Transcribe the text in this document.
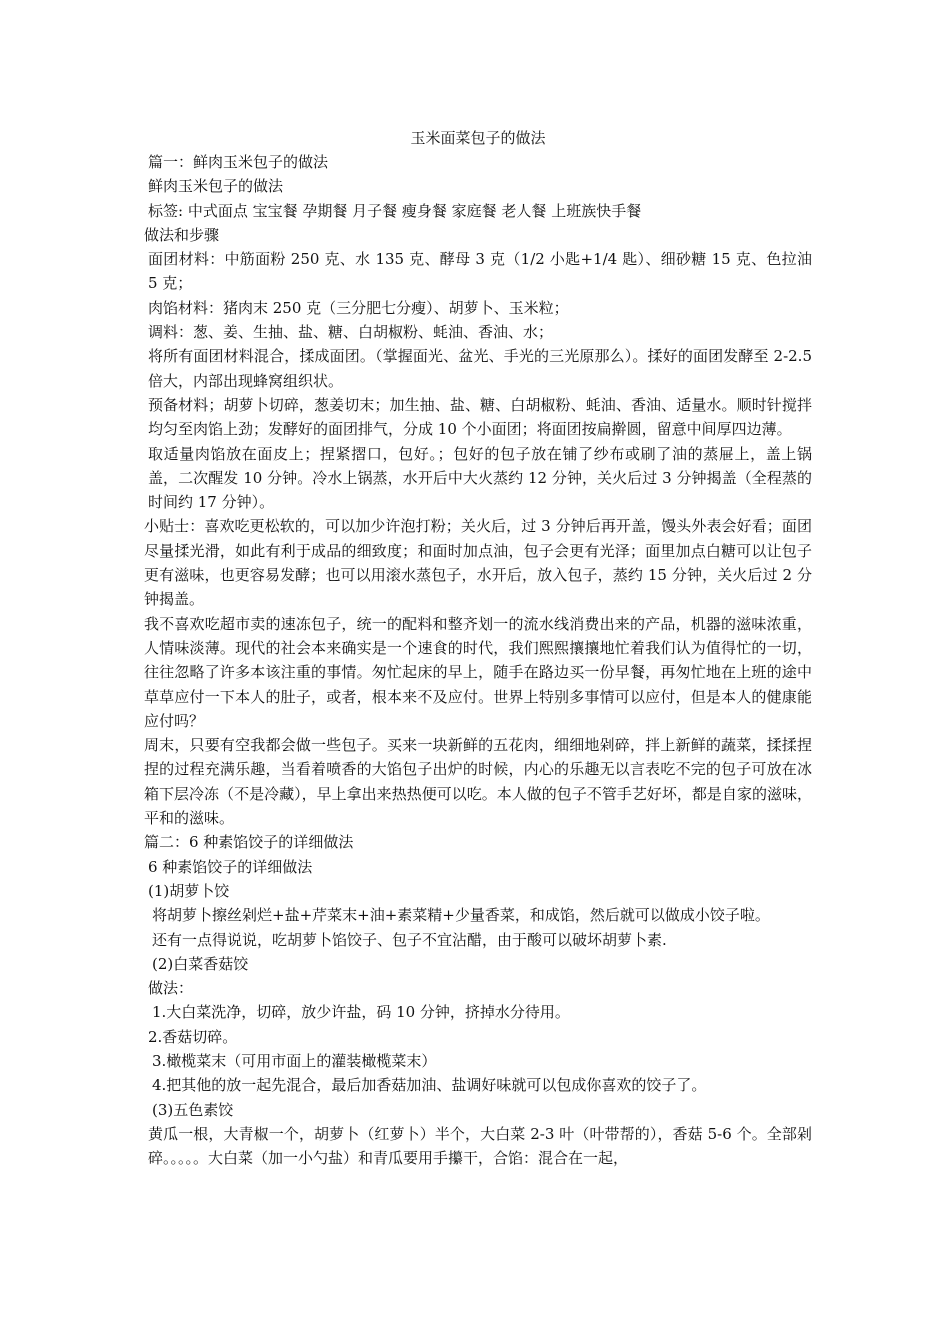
玉米面菜包子的做法

篇一：鲜肉玉米包子的做法

鲜肉玉米包子的做法

标签: 中式面点 宝宝餐 孕期餐 月子餐 瘦身餐 家庭餐 老人餐 上班族快手餐

做法和步骤

面团材料：中筋面粉 250 克、水 135 克、酵母 3 克（1/2 小匙+1/4 匙）、细砂糖 15 克、色拉油 5 克；

肉馅材料：猪肉末 250 克（三分肥七分瘦）、胡萝卜、玉米粒；

调料：葱、姜、生抽、盐、糖、白胡椒粉、蚝油、香油、水；

将所有面团材料混合，揉成面团。（掌握面光、盆光、手光的三光原那么）。揉好的面团发酵至 2-2.5 倍大，内部出现蜂窝组织状。

预备材料；胡萝卜切碎，葱姜切末；加生抽、盐、糖、白胡椒粉、蚝油、香油、适量水。顺时针搅拌均匀至肉馅上劲；发酵好的面团排气，分成 10 个小面团；将面团按扁擀圆，留意中间厚四边薄。

取适量肉馅放在面皮上；捏紧摺口，包好。；包好的包子放在铺了纱布或刷了油的蒸屉上，盖上锅盖，二次醒发 10 分钟。冷水上锅蒸，水开后中大火蒸约 12 分钟，关火后过 3 分钟揭盖（全程蒸的时间约 17 分钟）。

小贴士：喜欢吃更松软的，可以加少许泡打粉；关火后，过 3 分钟后再开盖，馒头外表会好看；面团尽量揉光滑，如此有利于成品的细致度；和面时加点油，包子会更有光泽；面里加点白糖可以让包子更有滋味，也更容易发酵；也可以用滚水蒸包子，水开后，放入包子，蒸约 15 分钟，关火后过 2 分钟揭盖。

我不喜欢吃超市卖的速冻包子，统一的配料和整齐划一的流水线消费出来的产品，机器的滋味浓重，人情味淡薄。现代的社会本来确实是一个速食的时代，我们熙熙攘攘地忙着我们认为值得忙的一切，往往忽略了许多本该注重的事情。匆忙起床的早上，随手在路边买一份早餐，再匆忙地在上班的途中草草应付一下本人的肚子，或者，根本来不及应付。世界上特别多事情可以应付，但是本人的健康能应付吗？

周末，只要有空我都会做一些包子。买来一块新鲜的五花肉，细细地剁碎，拌上新鲜的蔬菜，揉揉捏捏的过程充满乐趣，当看着喷香的大馅包子出炉的时候，内心的乐趣无以言表吃不完的包子可放在冰箱下层冷冻（不是冷藏），早上拿出来热热便可以吃。本人做的包子不管手艺好坏，都是自家的滋味，平和的滋味。

篇二：6 种素馅饺子的详细做法

6 种素馅饺子的详细做法

(1)胡萝卜饺

将胡萝卜擦丝剁烂+盐+芹菜末+油+素菜精+少量香菜，和成馅，然后就可以做成小饺子啦。

还有一点得说说，吃胡萝卜馅饺子、包子不宜沾醋，由于酸可以破坏胡萝卜素.

(2)白菜香菇饺

做法：

1.大白菜洗净，切碎，放少许盐，码 10 分钟，挤掉水分待用。

2.香菇切碎。

3.橄榄菜末（可用市面上的灌装橄榄菜末）

4.把其他的放一起先混合，最后加香菇加油、盐调好味就可以包成你喜欢的饺子了。

(3)五色素饺

黄瓜一根，大青椒一个，胡萝卜（红萝卜）半个，大白菜 2-3 叶（叶带帮的），香菇 5-6 个。全部剁碎。。。。。大白菜（加一小勺盐）和青瓜要用手攥干，合馅：混合在一起，
